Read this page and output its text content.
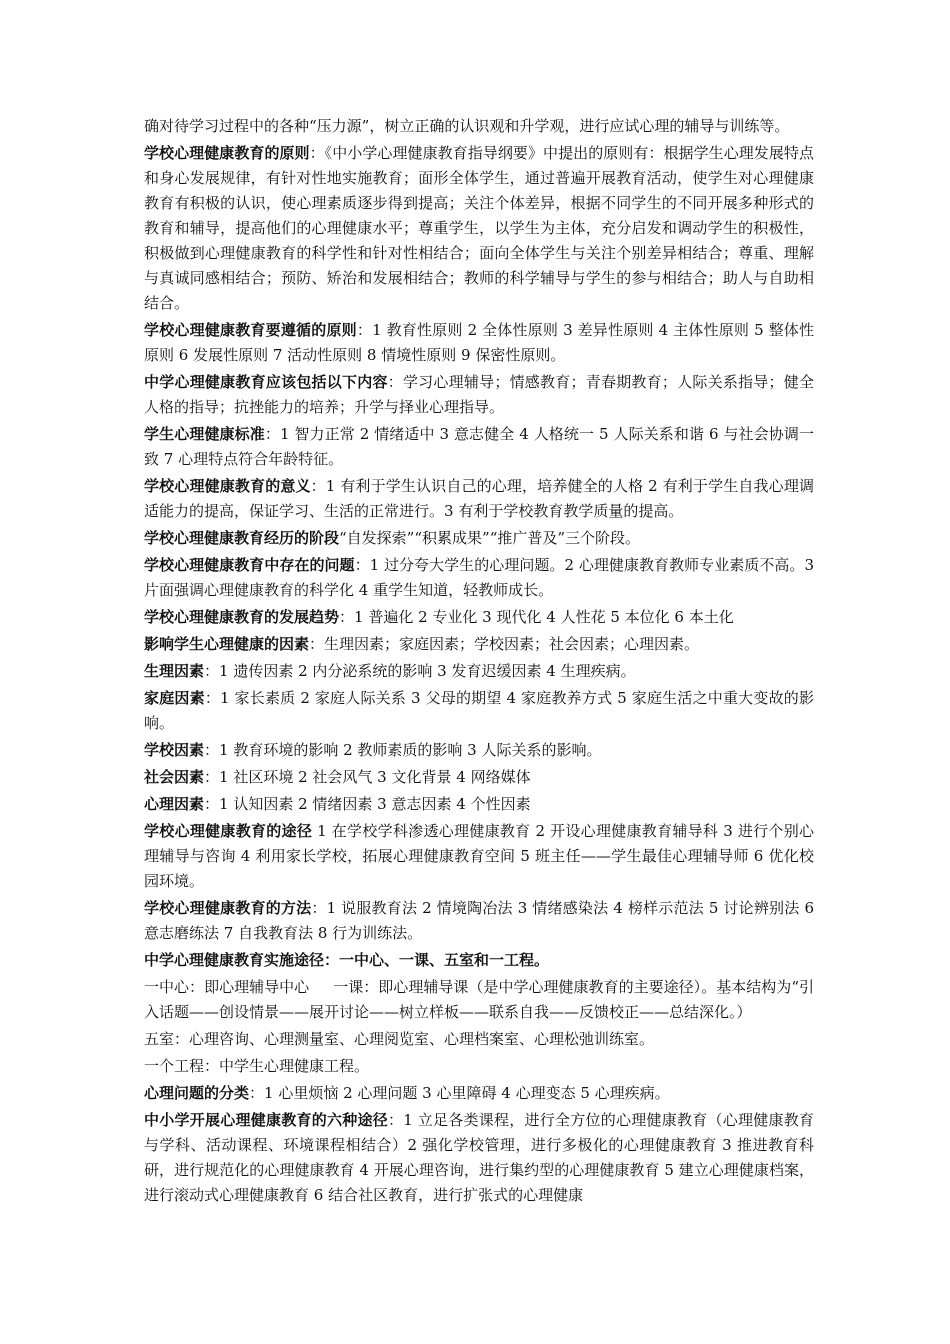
确对待学习过程中的各种“压力源”，树立正确的认识观和升学观，进行应试心理的辅导与训练等。

学校心理健康教育的原则：《中小学心理健康教育指导纲要》中提出的原则有：根据学生心理发展特点和身心发展规律，有针对性地实施教育；面形全体学生，通过普遍开展教育活动，使学生对心理健康教育有积极的认识，使心理素质逐步得到提高；关注个体差异，根据不同学生的不同开展多种形式的教育和辅导，提高他们的心理健康水平；尊重学生，以学生为主体，充分启发和调动学生的积极性，积极做到心理健康教育的科学性和针对性相结合；面向全体学生与关注个别差异相结合；尊重、理解与真诚同感相结合；预防、矫治和发展相结合；教师的科学辅导与学生的参与相结合；助人与自助相结合。

学校心理健康教育要遵循的原则：1 教育性原则 2 全体性原则 3 差异性原则 4 主体性原则 5 整体性原则 6 发展性原则 7 活动性原则 8 情境性原则 9 保密性原则。

中学心理健康教育应该包括以下内容：学习心理辅导；情感教育；青春期教育；人际关系指导；健全人格的指导；抗挫能力的培养；升学与择业心理指导。

学生心理健康标准：1 智力正常 2 情绪适中 3 意志健全 4 人格统一 5 人际关系和谐 6 与社会协调一致 7 心理特点符合年龄特征。

学校心理健康教育的意义：1 有利于学生认识自己的心理，培养健全的人格 2 有利于学生自我心理调适能力的提高，保证学习、生活的正常进行。3 有利于学校教育教学质量的提高。

学校心理健康教育经历的阶段“自发探索”“积累成果”“推广普及”三个阶段。

学校心理健康教育中存在的问题：1 过分夸大学生的心理问题。2 心理健康教育教师专业素质不高。3 片面强调心理健康教育的科学化 4 重学生知道，轻教师成长。

学校心理健康教育的发展趋势：1 普遍化 2 专业化 3 现代化 4 人性花 5 本位化 6 本土化

影响学生心理健康的因素：生理因素；家庭因素；学校因素；社会因素；心理因素。

生理因素：1 遗传因素 2 内分泌系统的影响 3 发育迟缓因素 4 生理疾病。

家庭因素：1 家长素质 2 家庭人际关系 3 父母的期望 4 家庭教养方式 5 家庭生活之中重大变故的影响。

学校因素：1 教育环境的影响 2 教师素质的影响 3 人际关系的影响。

社会因素：1 社区环境 2 社会风气 3 文化背景 4 网络媒体

心理因素：1 认知因素 2 情绪因素 3 意志因素 4 个性因素

学校心理健康教育的途径 1 在学校学科渗透心理健康教育 2 开设心理健康教育辅导科 3 进行个别心理辅导与咨询 4 利用家长学校，拓展心理健康教育空间 5 班主任——学生最佳心理辅导师 6 优化校园环境。

学校心理健康教育的方法：1 说服教育法 2 情境陶冶法 3 情绪感染法 4 榜样示范法 5 讨论辨别法 6 意志磨练法 7 自我教育法 8 行为训练法。

中学心理健康教育实施途径：一中心、一课、五室和一工程。

一中心：即心理辅导中心 一课：即心理辅导课（是中学心理健康教育的主要途径）。基本结构为“引入话题——创设情景——展开讨论——树立样板——联系自我——反馈校正——总结深化。）

五室：心理咨询、心理测量室、心理阅览室、心理档案室、心理松弛训练室。

一个工程：中学生心理健康工程。

心理问题的分类：1 心里烦恼 2 心理问题 3 心里障碍 4 心理变态 5 心理疾病。

中小学开展心理健康教育的六种途径：1 立足各类课程，进行全方位的心理健康教育（心理健康教育与学科、活动课程、环境课程相结合）2 强化学校管理，进行多极化的心理健康教育 3 推进教育科研，进行规范化的心理健康教育 4 开展心理咨询，进行集约型的心理健康教育 5 建立心理健康档案，进行滚动式心理健康教育 6 结合社区教育，进行扩张式的心理健康
